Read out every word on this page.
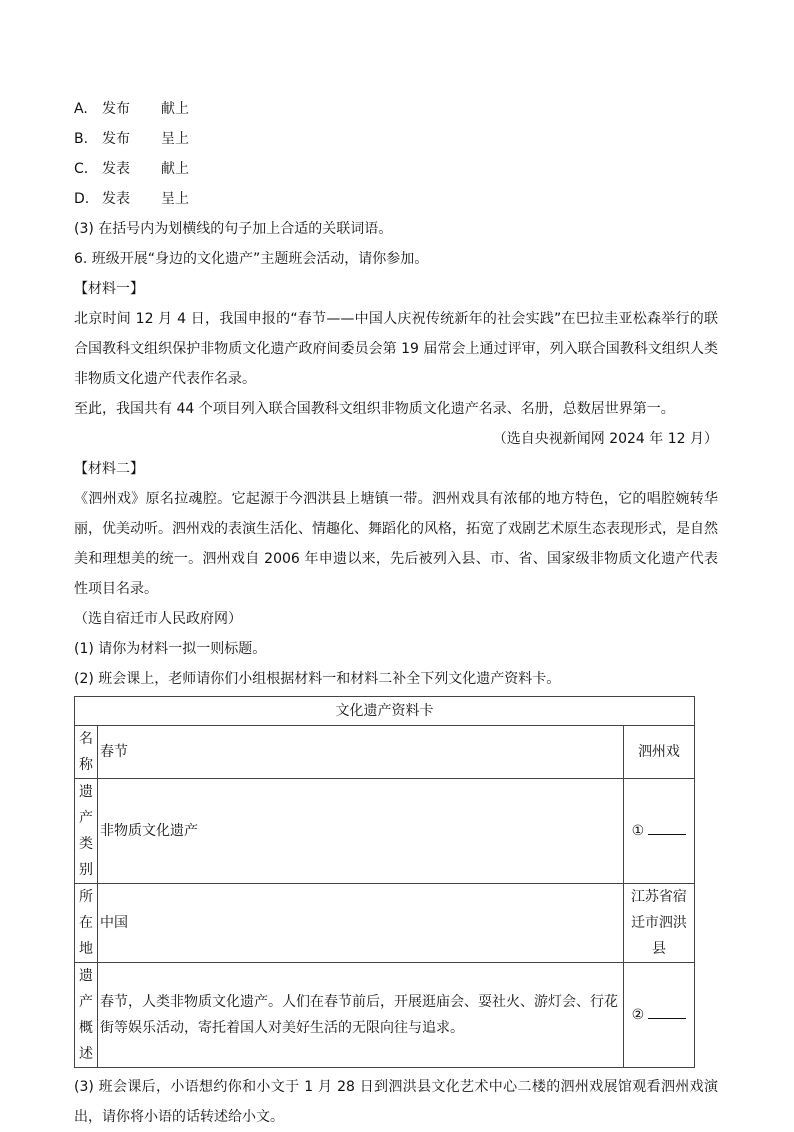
A. 发布 献上
B. 发布 呈上
C. 发表 献上
D. 发表 呈上
(3) 在括号内为划横线的句子加上合适的关联词语。
6. 班级开展“身边的文化遗产”主题班会活动，请你参加。
【材料一】
北京时间 12 月 4 日，我国申报的“春节——中国人庆祝传统新年的社会实践”在巴拉圭亚松森举行的联合国教科文组织保护非物质文化遗产政府间委员会第 19 届常会上通过评审，列入联合国教科文组织人类非物质文化遗产代表作名录。
至此，我国共有 44 个项目列入联合国教科文组织非物质文化遗产名录、名册，总数居世界第一。
（选自央视新闻网 2024 年 12 月）
【材料二】
《泗州戏》原名拉魂腔。它起源于今泗洪县上塘镇一带。泗州戏具有浓郁的地方特色，它的唱腔婉转华丽，优美动听。泗州戏的表演生活化、情趣化、舞蹈化的风格，拓宽了戏剧艺术原生态表现形式，是自然美和理想美的统一。泗州戏自 2006 年申遗以来，先后被列入县、市、省、国家级非物质文化遗产代表性项目名录。
（选自宿迁市人民政府网）
(1) 请你为材料一拟一则标题。
(2) 班会课上，老师请你们小组根据材料一和材料二补全下列文化遗产资料卡。
文化遗产资料卡		
名称	春节	泗州戏
遗产类别	非物质文化遗产	①
所在地	中国	江苏省宿迁市泗洪县
遗产概述	春节，人类非物质文化遗产。人们在春节前后，开展逛庙会、耍社火、游灯会、行花街等娱乐活动，寄托着国人对美好生活的无限向往与追求。	②
(3) 班会课后，小语想约你和小文于 1 月 28 日到泗洪县文化艺术中心二楼的泗州戏展馆观看泗州戏演出，请你将小语的话转述给小文。
